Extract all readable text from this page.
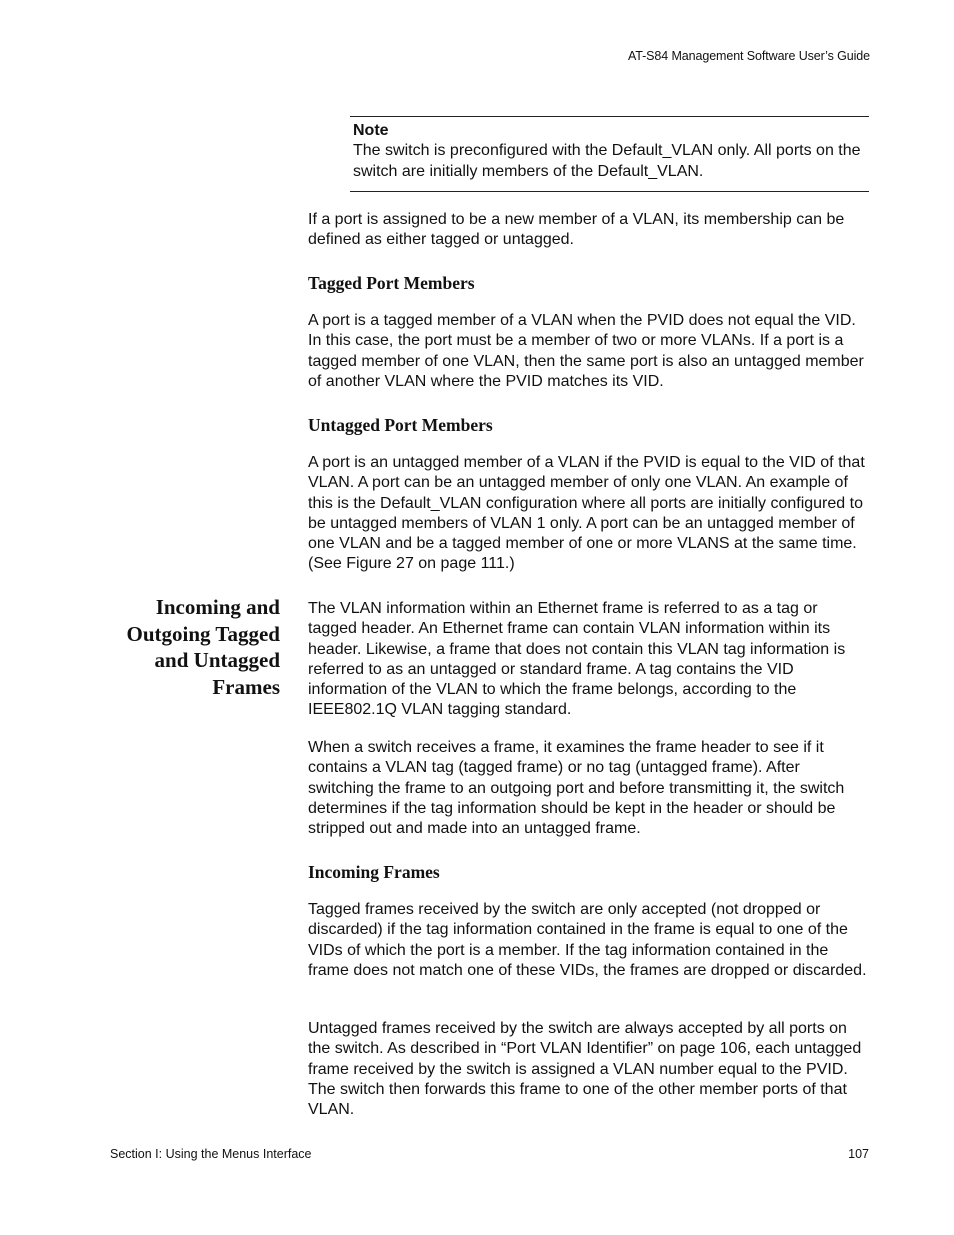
AT-S84 Management Software User’s Guide
Note
The switch is preconfigured with the Default_VLAN only. All ports on the switch are initially members of the Default_VLAN.

If a port is assigned to be a new member of a VLAN, its membership can be defined as either tagged or untagged.

Tagged Port Members

A port is a tagged member of a VLAN when the PVID does not equal the VID. In this case, the port must be a member of two or more VLANs. If a port is a tagged member of one VLAN, then the same port is also an untagged member of another VLAN where the PVID matches its VID.

Untagged Port Members

A port is an untagged member of a VLAN if the PVID is equal to the VID of that VLAN. A port can be an untagged member of only one VLAN. An example of this is the Default_VLAN configuration where all ports are initially configured to be untagged members of VLAN 1 only. A port can be an untagged member of one VLAN and be a tagged member of one or more VLANS at the same time. (See Figure 27 on page 111.)

Incoming and
Outgoing Tagged
and Untagged
Frames

The VLAN information within an Ethernet frame is referred to as a tag or tagged header. An Ethernet frame can contain VLAN information within its header. Likewise, a frame that does not contain this VLAN tag information is referred to as an untagged or standard frame. A tag contains the VID information of the VLAN to which the frame belongs, according to the IEEE802.1Q VLAN tagging standard.

When a switch receives a frame, it examines the frame header to see if it contains a VLAN tag (tagged frame) or no tag (untagged frame). After switching the frame to an outgoing port and before transmitting it, the switch determines if the tag information should be kept in the header or should be stripped out and made into an untagged frame.

Incoming Frames

Tagged frames received by the switch are only accepted (not dropped or discarded) if the tag information contained in the frame is equal to one of the VIDs of which the port is a member. If the tag information contained in the frame does not match one of these VIDs, the frames are dropped or discarded.

Untagged frames received by the switch are always accepted by all ports on the switch. As described in “Port VLAN Identifier” on page 106, each untagged frame received by the switch is assigned a VLAN number equal to the PVID. The switch then forwards this frame to one of the other member ports of that VLAN.

Section I: Using the Menus Interface	107
